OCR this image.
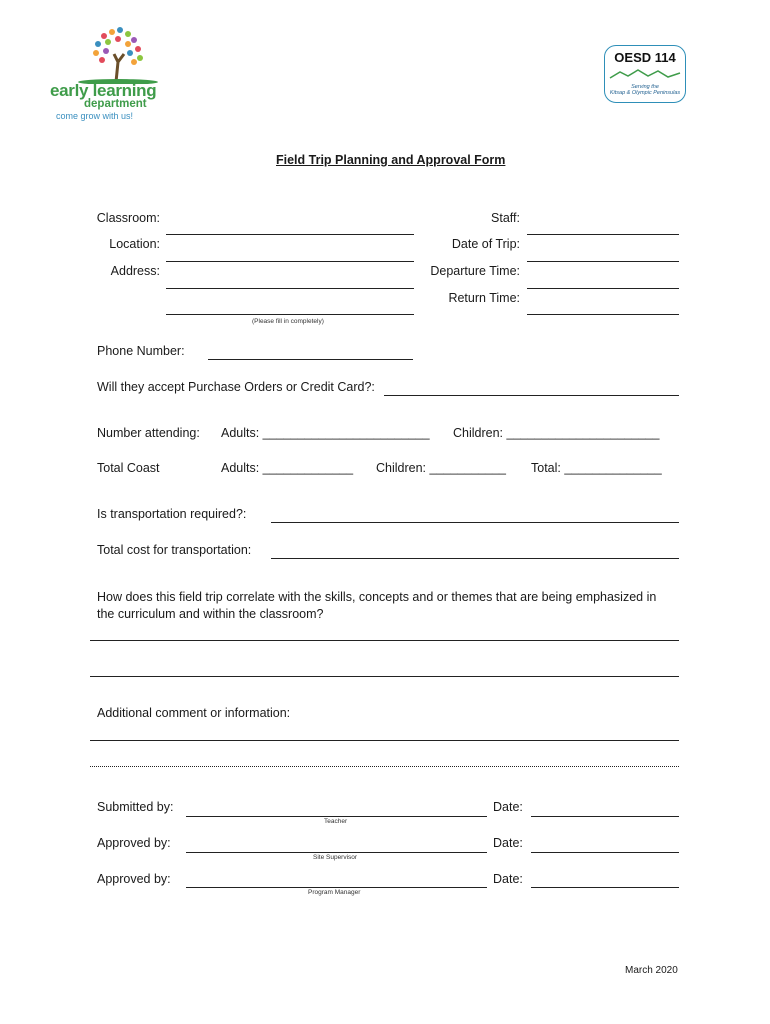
early learning
department
come grow with us!
OESD 114
Serving the
Kitsap & Olympic Peninsulas
Field Trip Planning and Approval Form
Classroom:
Location:
Address:
(Please fill in completely)
Staff:
Date of Trip:
Departure Time:
Return Time:
Phone Number:
Will they accept Purchase Orders or Credit Card?:
Number attending: Adults: ________________________ Children: ______________________
Total Coast	Adults: _____________ Children: ___________ Total: ______________
Is transportation required?:
Total cost for transportation:
How does this field trip correlate with the skills, concepts and or themes that are being emphasized in
the curriculum and within the classroom?
Additional comment or information:
Submitted by:
Teacher
Date:
Approved by:
Site Supervisor
Date:
Approved by:
Program Manager
Date:
March 2020
